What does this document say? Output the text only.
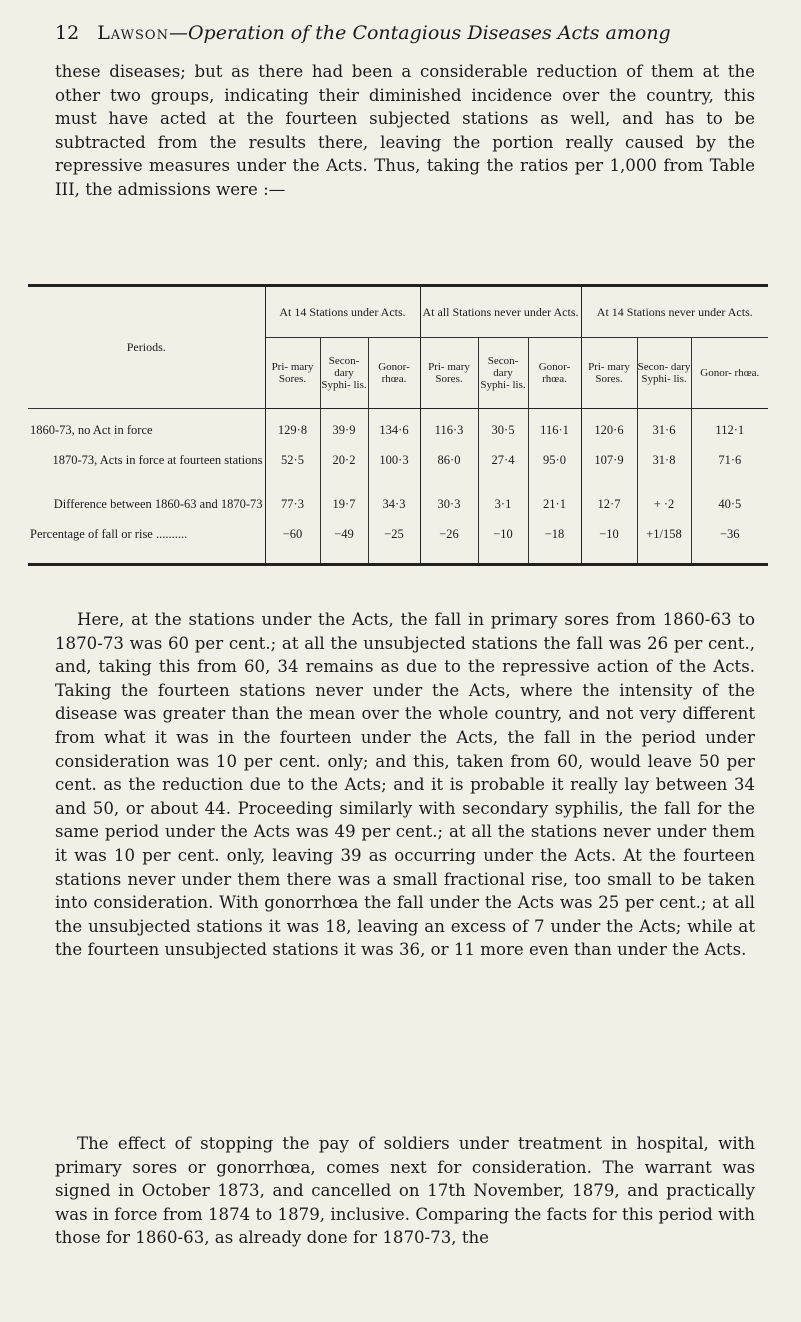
12 Lawson—Operation of the Contagious Diseases Acts among

these diseases; but as there had been a considerable reduction of them at the other two groups, indicating their diminished incidence over the country, this must have acted at the fourteen subjected stations as well, and has to be subtracted from the results there, leaving the portion really caused by the repressive measures under the Acts. Thus, taking the ratios per 1,000 from Table III, the admissions were :—

Periods.	At 14 Stations under Acts.			At all Stations never under Acts.			At 14 Stations never under Acts.		
	Pri- mary Sores.	Secon- dary Syphi- lis.	Gonor- rhœa.	Pri- mary Sores.	Secon- dary Syphi- lis.	Gonor- rhœa.	Pri- mary Sores.	Secon- dary Syphi- lis.	Gonor- rhœa.

1860-73, no Act in force	129·8	39·9	134·6	116·3	30·5	116·1	120·6	31·6	112·1
1870-73, Acts in force at fourteen stations	52·5	20·2	100·3	86·0	27·4	95·0	107·9	31·8	71·6

Difference between 1860-63 and 1870-73	77·3	19·7	34·3	30·3	3·1	21·1	12·7	+ ·2	40·5
Percentage of fall or rise ..........	−60	−49	−25	−26	−10	−18	−10	+1/158	−36

Here, at the stations under the Acts, the fall in primary sores from 1860-63 to 1870-73 was 60 per cent.; at all the unsubjected stations the fall was 26 per cent., and, taking this from 60, 34 remains as due to the repressive action of the Acts. Taking the fourteen stations never under the Acts, where the intensity of the disease was greater than the mean over the whole country, and not very different from what it was in the fourteen under the Acts, the fall in the period under consideration was 10 per cent. only; and this, taken from 60, would leave 50 per cent. as the reduction due to the Acts; and it is probable it really lay between 34 and 50, or about 44. Proceeding similarly with secondary syphilis, the fall for the same period under the Acts was 49 per cent.; at all the stations never under them it was 10 per cent. only, leaving 39 as occurring under the Acts. At the fourteen stations never under them there was a small fractional rise, too small to be taken into consideration. With gonorrhœa the fall under the Acts was 25 per cent.; at all the unsubjected stations it was 18, leaving an excess of 7 under the Acts; while at the fourteen unsubjected stations it was 36, or 11 more even than under the Acts.

The effect of stopping the pay of soldiers under treatment in hospital, with primary sores or gonorrhœa, comes next for consideration. The warrant was signed in October 1873, and cancelled on 17th November, 1879, and practically was in force from 1874 to 1879, inclusive. Comparing the facts for this period with those for 1860-63, as already done for 1870-73, the
